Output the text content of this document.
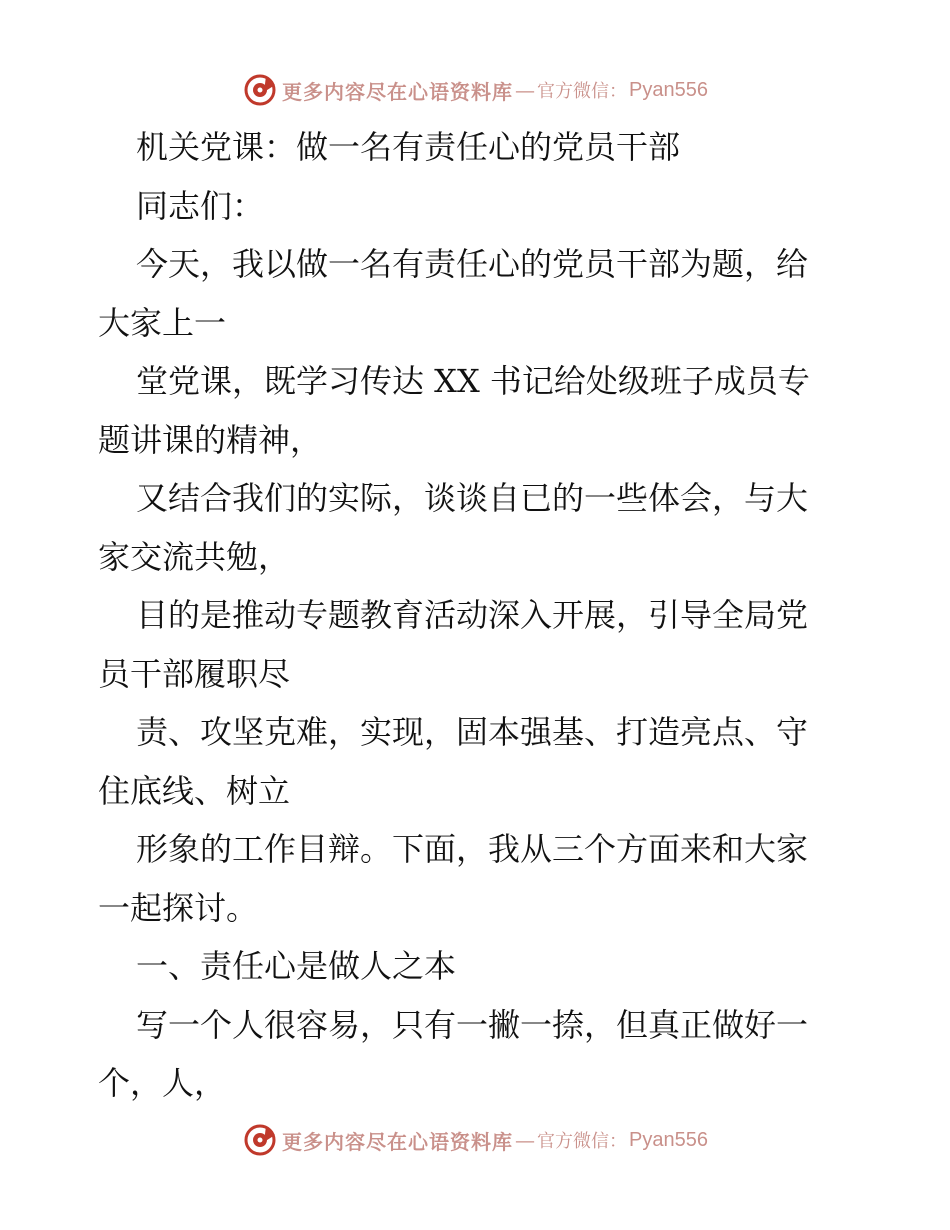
更多内容尽在心语资料库 — 官方微信： Pyan556
机关党课：做一名有责任心的党员干部
同志们：
今天，我以做一名有责任心的党员干部为题，给
大家上一
堂党课，既学习传达 XX 书记给处级班子成员专
题讲课的精神，
又结合我们的实际，谈谈自已的一些体会，与大
家交流共勉，
目的是推动专题教育活动深入开展，引导全局党
员干部履职尽
责、攻坚克难，实现，固本强基、打造亮点、守
住底线、树立
形象的工作目辩。下面，我从三个方面来和大家
一起探讨。
一、责任心是做人之本
写一个人很容易，只有一撇一捺，但真正做好一
个，人，
更多内容尽在心语资料库 — 官方微信： Pyan556
